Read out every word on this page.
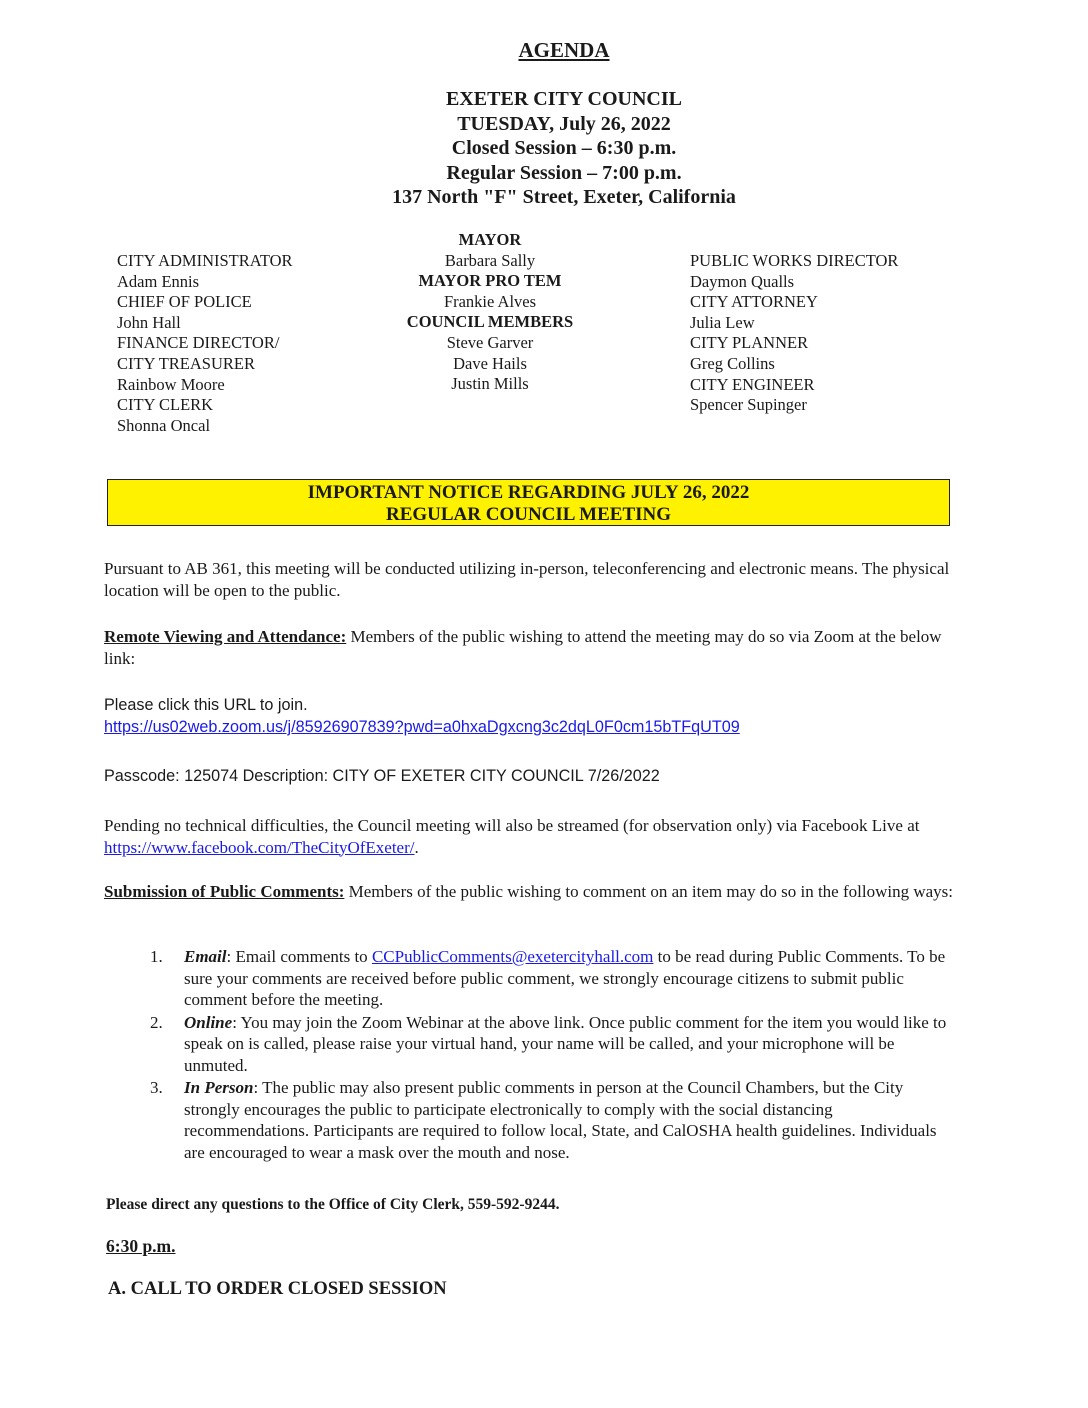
AGENDA
EXETER CITY COUNCIL
TUESDAY, July 26, 2022
Closed Session – 6:30 p.m.
Regular Session – 7:00 p.m.
137 North "F" Street, Exeter, California
CITY ADMINISTRATOR
Adam Ennis
CHIEF OF POLICE
John Hall
FINANCE DIRECTOR/
CITY TREASURER
Rainbow Moore
CITY CLERK
Shonna Oncal
MAYOR
Barbara Sally
MAYOR PRO TEM
Frankie Alves
COUNCIL MEMBERS
Steve Garver
Dave Hails
Justin Mills
PUBLIC WORKS DIRECTOR
Daymon Qualls
CITY ATTORNEY
Julia Lew
CITY PLANNER
Greg Collins
CITY ENGINEER
Spencer Supinger
IMPORTANT NOTICE REGARDING JULY 26, 2022
REGULAR COUNCIL MEETING
Pursuant to AB 361, this meeting will be conducted utilizing in-person, teleconferencing and electronic means. The physical location will be open to the public.
Remote Viewing and Attendance: Members of the public wishing to attend the meeting may do so via Zoom at the below link:
Please click this URL to join.
https://us02web.zoom.us/j/85926907839?pwd=a0hxaDgxcng3c2dqL0F0cm15bTFqUT09
Passcode: 125074 Description: CITY OF EXETER CITY COUNCIL 7/26/2022
Pending no technical difficulties, the Council meeting will also be streamed (for observation only) via Facebook Live at https://www.facebook.com/TheCityOfExeter/.
Submission of Public Comments: Members of the public wishing to comment on an item may do so in the following ways:
1. Email: Email comments to CCPublicComments@exetercityhall.com to be read during Public Comments. To be sure your comments are received before public comment, we strongly encourage citizens to submit public comment before the meeting.
2. Online: You may join the Zoom Webinar at the above link. Once public comment for the item you would like to speak on is called, please raise your virtual hand, your name will be called, and your microphone will be unmuted.
3. In Person: The public may also present public comments in person at the Council Chambers, but the City strongly encourages the public to participate electronically to comply with the social distancing recommendations. Participants are required to follow local, State, and CalOSHA health guidelines. Individuals are encouraged to wear a mask over the mouth and nose.
Please direct any questions to the Office of City Clerk, 559-592-9244.
6:30 p.m.
A. CALL TO ORDER CLOSED SESSION
